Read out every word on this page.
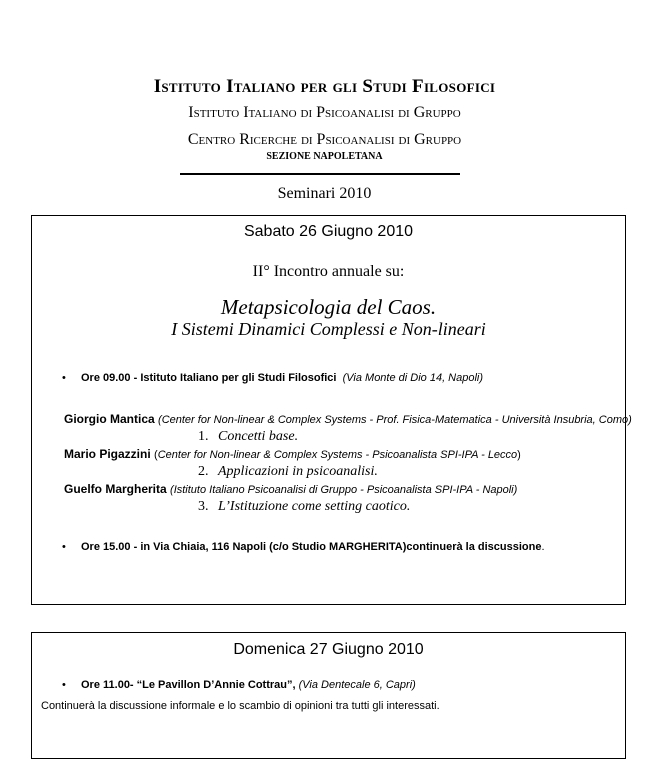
Istituto Italiano per gli Studi Filosofici
Istituto Italiano di Psicoanalisi di Gruppo
Centro Ricerche di Psicoanalisi di Gruppo
SEZIONE NAPOLETANA
Seminari 2010
Sabato 26 Giugno 2010
II° Incontro annuale su:
Metapsicologia del Caos.
I Sistemi Dinamici Complessi e Non-lineari
• Ore 09.00 - Istituto Italiano per gli Studi Filosofici (Via Monte di Dio 14, Napoli)
Giorgio Mantica (Center for Non-linear & Complex Systems - Prof. Fisica-Matematica - Università Insubria, Como)
1. Concetti base.
Mario Pigazzini (Center for Non-linear & Complex Systems - Psicoanalista SPI-IPA - Lecco)
2. Applicazioni in psicoanalisi.
Guelfo Margherita (Istituto Italiano Psicoanalisi di Gruppo - Psicoanalista SPI-IPA - Napoli)
3. L’Istituzione come setting caotico.
• Ore 15.00 - in Via Chiaia, 116 Napoli (c/o Studio MARGHERITA)continuerà la discussione.
Domenica 27 Giugno 2010
• Ore 11.00- “Le Pavillon D’Annie Cottrau”, (Via Dentecale 6, Capri)
Continuerà la discussione informale e lo scambio di opinioni tra tutti gli interessati.
